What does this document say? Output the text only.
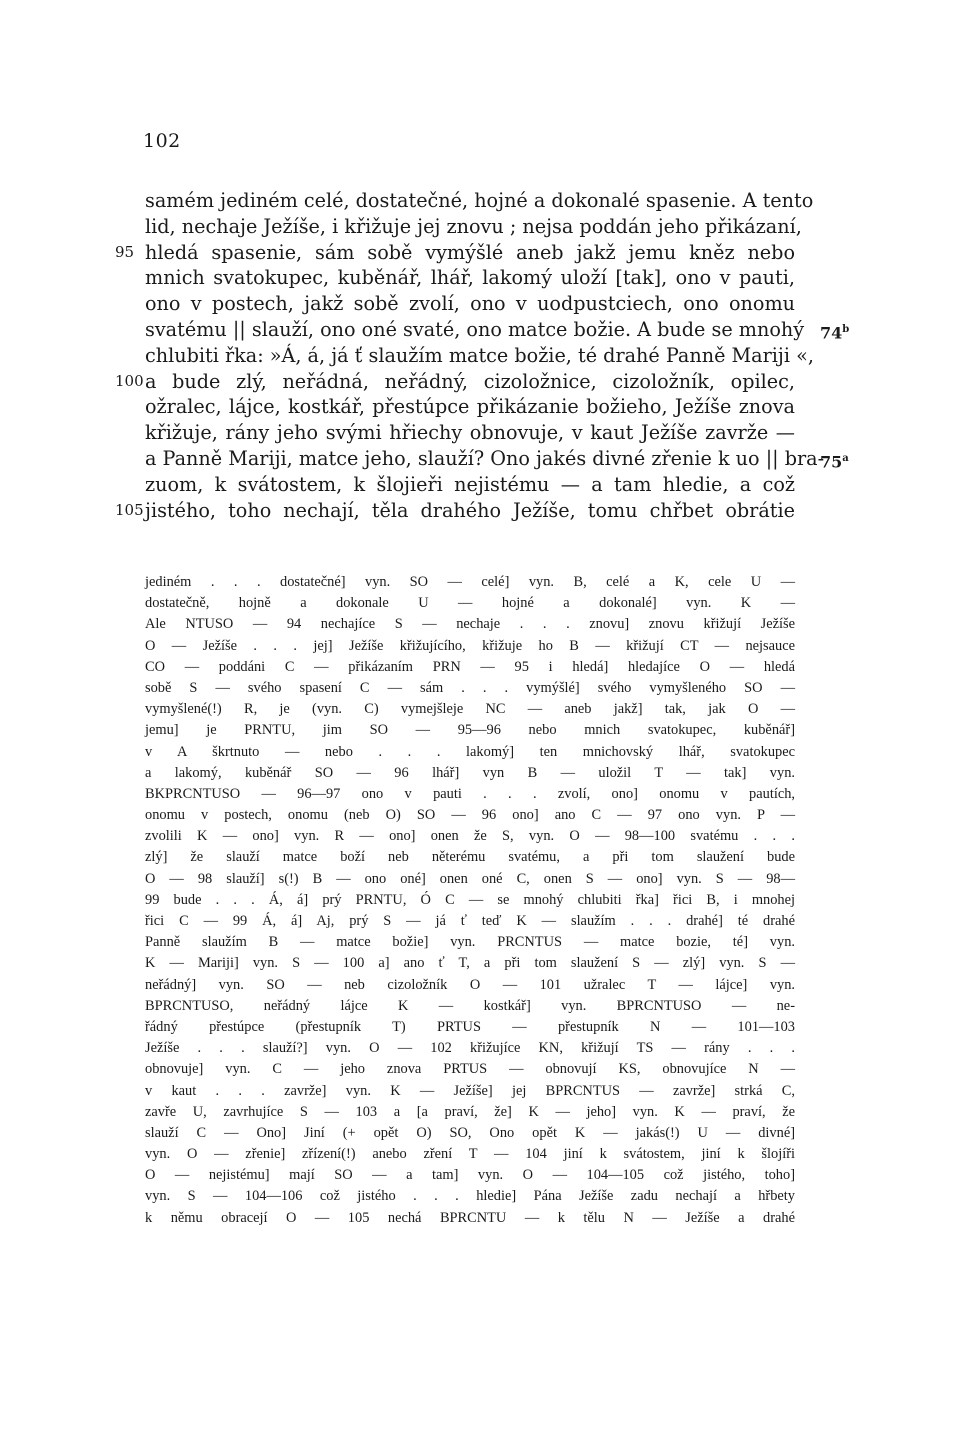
102
samém jediném celé, dostatečné, hojné a dokonalé spasenie. A tento
lid, nechaje Ježíše, i křižuje jej znovu ; nejsa poddán jeho přikázaní,
95 hledá spasenie, sám sobě vymýšlé aneb jakž jemu kněz nebo
mnich svatokupec, kuběnář, lhář, lakomý uloží [tak], ono v pauti,
ono v postech, jakž sobě zvolí, ono v uodpustciech, ono onomu
svatému || slauží, ono oné svaté, ono matce božie. A bude se mnohý 74$^b$
chlubiti řka: »Á, á, já ť slaužím matce božie, té drahé Panně Mariji «,
100 a bude zlý, neřádná, neřádný, cizoložnice, cizoložník, opilec,
ožralec, lájce, kostkář, přestúpce přikázanie božieho, Ježíše znova
křižuje, rány jeho svými hřiechy obnovuje, v kaut Ježíše zavrže —
a Panně Mariji, matce jeho, slauží? Ono jakés divné zřenie k uo || bra-
75$^a$
zuom, k svátostem, k šlojieři nejistému — a tam hledie, a což
105 jistého, toho nechají, těla drahého Ježíše, tomu chřbet obrátie
jediném . . . dostatečné] vyn. SO — celé] vyn. B, celé a K, cele U —
dostatečně, hojně a dokonale U — hojné a dokonalé] vyn. K —
Ale NTUSO — 94 nechajíce S — nechaje . . . znovu] znovu křižují Ježíše
O — Ježíše . . . jej] Ježíše křižujícího, křižuje ho B — křižují CT — nejsauce
CO — poddáni C — přikázaním PRN — 95 i hledá] hledajíce O — hledá
sobě S — svého spasení C — sám . . . vymýšlé] svého vymyšleného SO —
vymyšlené(!) R, je (vyn. C) vymejšleje NC — aneb jakž] tak, jak O —
jemu] je PRNTU, jim SO — 95—96 nebo mnich svatokupec, kuběnář]
v A škrtnuto — nebo . . . lakomý] ten mnichovský lhář, svatokupec
a lakomý, kuběnář SO — 96 lhář] vyn B — uložil T — tak] vyn.
BKPRCNTUSO — 96—97 ono v pauti . . . zvolí, ono] onomu v pautích,
onomu v postech, onomu (neb O) SO — 96 ono] ano C — 97 ono vyn. P —
zvolili K — ono] vyn. R — ono] onen že S, vyn. O — 98—100 svatému . . .
zlý] že slauží matce boží neb něterému svatému, a při tom slaužení bude
O — 98 slauží] s(!) B — ono oné] onen oné C, onen S — ono] vyn. S — 98—
99 bude . . . Á, á] prý PRNTU, Ó C — se mnohý chlubiti řka] řici B, i mnohej
řici C — 99 Á, á] Aj, prý S — já ť teď K — slaužím . . . drahé] té drahé
Panně slaužím B — matce božie] vyn. PRCNTUS — matce bozie, té] vyn.
K — Mariji] vyn. S — 100 a] ano ť T, a při tom slaužení S — zlý] vyn. S —
neřádný] vyn. SO — neb cizoložník O — 101 užralec T — lájce] vyn.
BPRCNTUSO, neřádný lájce K — kostkář] vyn. BPRCNTUSO — ne-
řádný přestúpce (přestupník T) PRTUS — přestupník N — 101—103
Ježíše . . . slauží?] vyn. O — 102 křižujíce KN, křižují TS — rány . . .
obnovuje] vyn. C — jeho znova PRTUS — obnovují KS, obnovujíce N —
v kaut . . . zavrže] vyn. K — Ježíše] jej BPRCNTUS — zavrže] strká C,
zavře U, zavrhujíce S — 103 a [a praví, že] K — jeho] vyn. K — praví, že
slauží C — Ono] Jiní (+ opět O) SO, Ono opět K — jakás(!) U — divné]
vyn. O — zřenie] zřízení(!) anebo zření T — 104 jiní k svátostem, jiní k šlojíři
O — nejistému] mají SO — a tam] vyn. O — 104—105 což jistého, toho]
vyn. S — 104—106 což jistého . . . hledie] Pána Ježíše zadu nechají a hřbety
k němu obracejí O — 105 nechá BPRCNTU — k tělu N — Ježíše a drahé
